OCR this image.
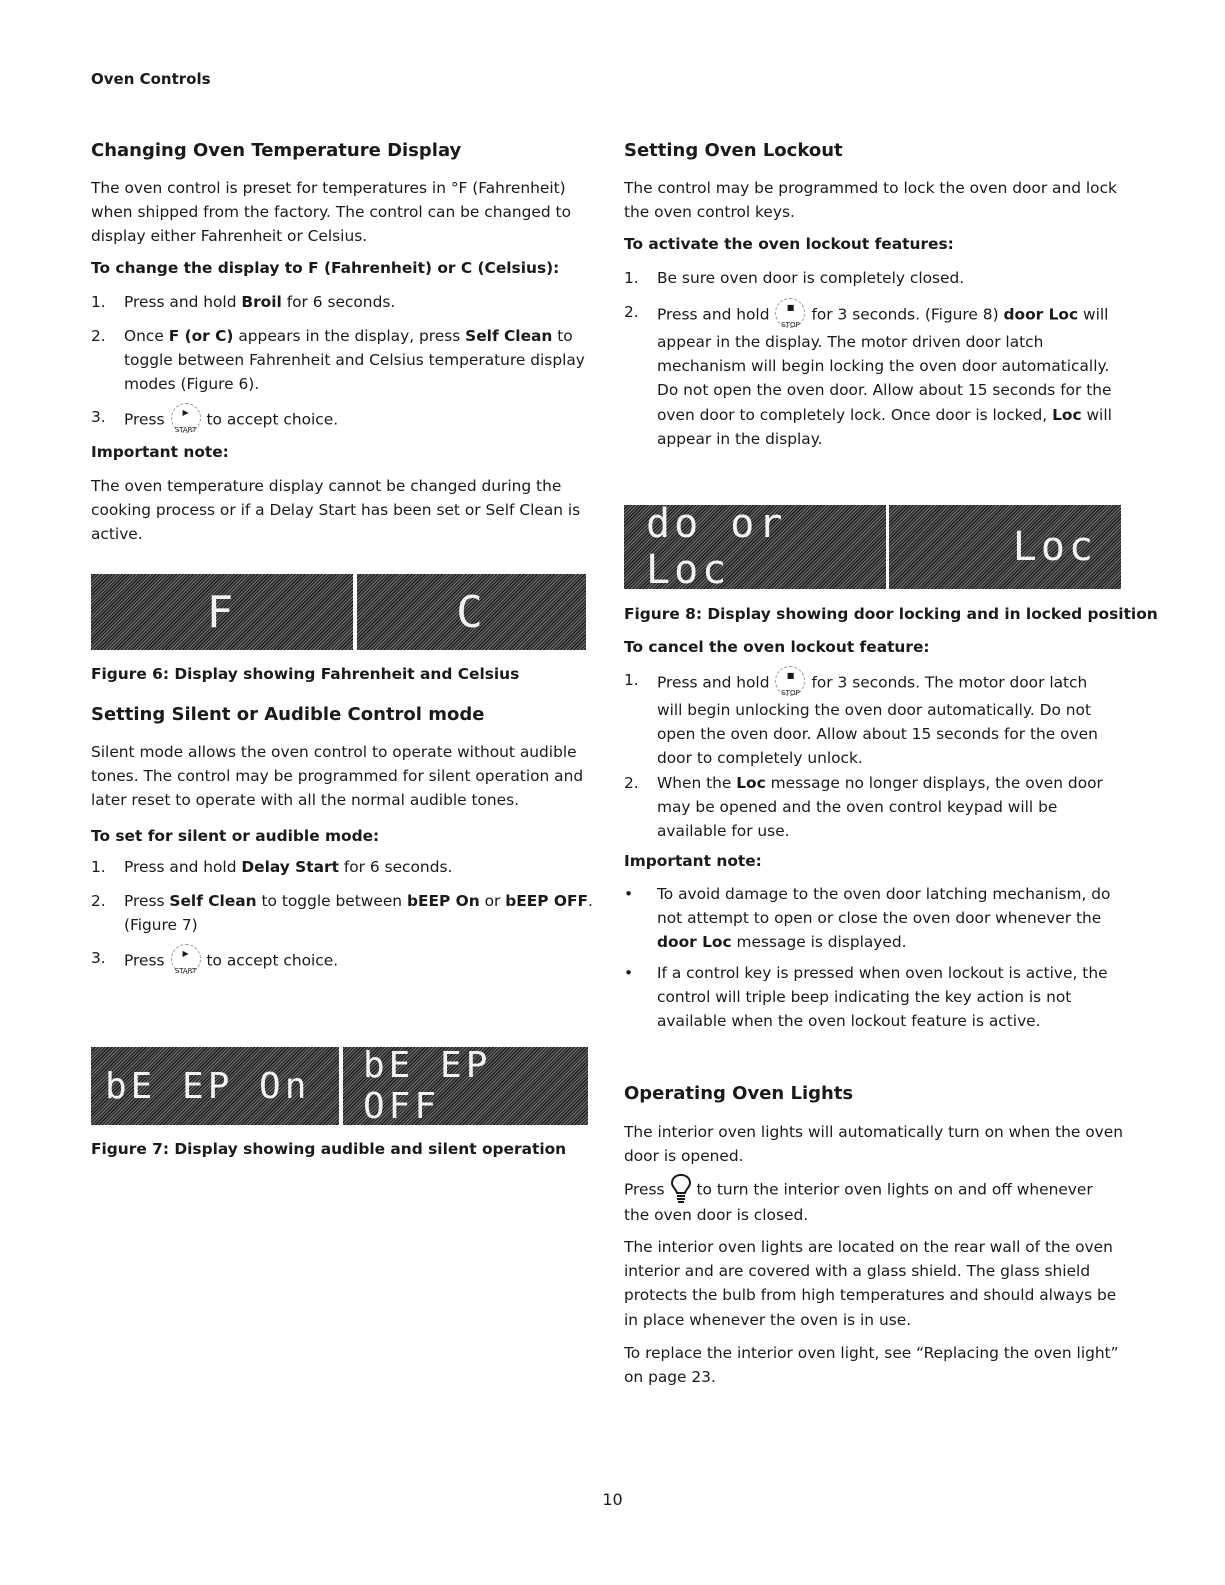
Oven Controls
Changing Oven Temperature Display
The oven control is preset for temperatures in °F (Fahrenheit)
when shipped from the factory. The control can be changed to
display either Fahrenheit or Celsius.
To change the display to F (Fahrenheit) or C (Celsius):
1. Press and hold Broil for 6 seconds.
2. Once F (or C) appears in the display, press Self Clean to
toggle between Fahrenheit and Celsius temperature display
modes (Figure 6).
3. Press	▶
START
to accept choice.
Important note:
The oven temperature display cannot be changed during the
cooking process or if a Delay Start has been set or Self Clean is
active.
F	C
Figure 6: Display showing Fahrenheit and Celsius
Setting Silent or Audible Control mode
Silent mode allows the oven control to operate without audible
tones. The control may be programmed for silent operation and
later reset to operate with all the normal audible tones.
To set for silent or audible mode:
1. Press and hold Delay Start for 6 seconds.
2. Press Self Clean to toggle between bEEP On or bEEP OFF.
(Figure 7)
3. Press	▶
START
to accept choice.
bE EP On bE EP OFF
Figure 7: Display showing audible and silent operation
Setting Oven Lockout
The control may be programmed to lock the oven door and lock
the oven control keys.
To activate the oven lockout features:
1. Be sure oven door is completely closed.
2. Press and hold	■
STOP
for 3 seconds. (Figure 8) door Loc will
appear in the display. The motor driven door latch
mechanism will begin locking the oven door automatically.
Do not open the oven door. Allow about 15 seconds for the
oven door to completely lock. Once door is locked, Loc will
appear in the display.
do or Loc	Loc
Figure 8: Display showing door locking and in locked position
To cancel the oven lockout feature:
1. Press and hold	■
STOP
for 3 seconds. The motor door latch
will begin unlocking the oven door automatically. Do not
open the oven door. Allow about 15 seconds for the oven
door to completely unlock.
2. When the Loc message no longer displays, the oven door
may be opened and the oven control keypad will be
available for use.
Important note:
• To avoid damage to the oven door latching mechanism, do
not attempt to open or close the oven door whenever the
door Loc message is displayed.
• If a control key is pressed when oven lockout is active, the
control will triple beep indicating the key action is not
available when the oven lockout feature is active.
Operating Oven Lights
The interior oven lights will automatically turn on when the oven
door is opened.
Press to turn the interior oven lights on and off whenever
the oven door is closed.
The interior oven lights are located on the rear wall of the oven
interior and are covered with a glass shield. The glass shield
protects the bulb from high temperatures and should always be
in place whenever the oven is in use.
To replace the interior oven light, see “Replacing the oven light”
on page 23.
10
